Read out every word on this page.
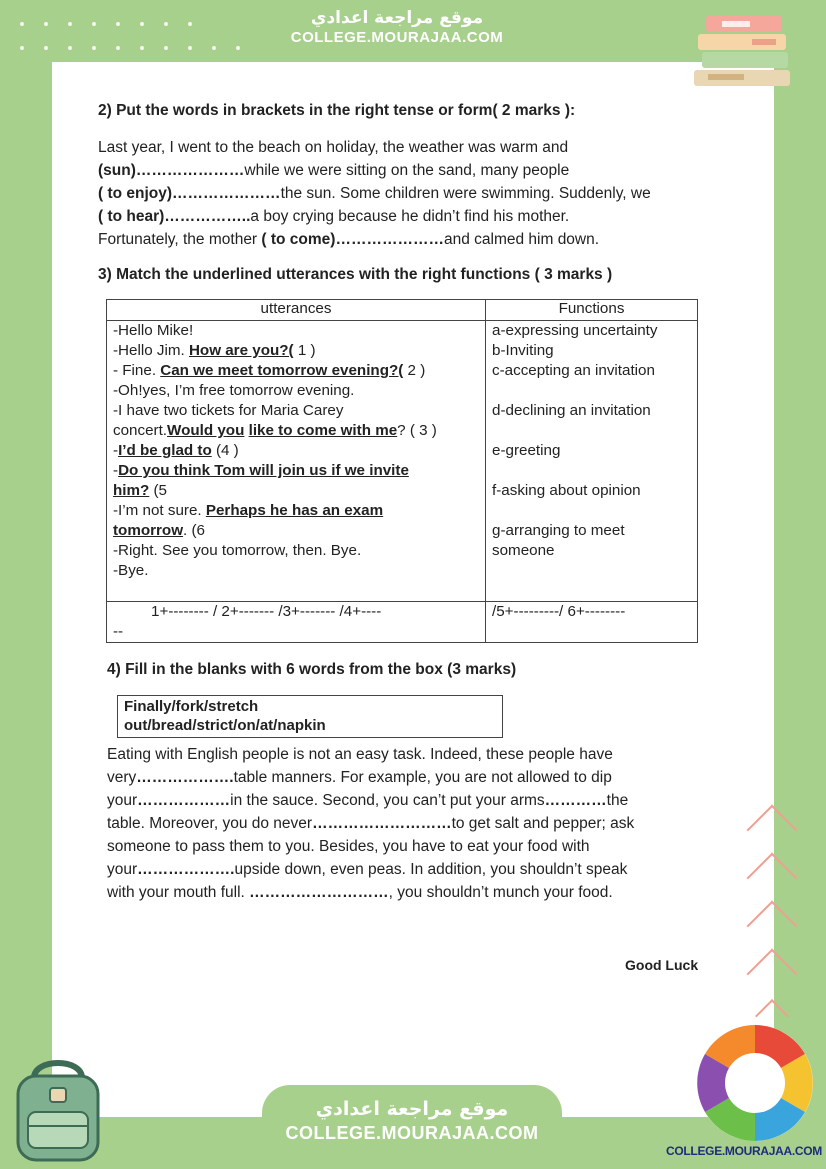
موقع مراجعة اعدادي
COLLEGE.MOURAJAA.COM
2) Put the words in brackets in the right tense or form( 2 marks ):
Last year, I went to the beach on holiday, the weather was warm and
(sun)…………………while we were sitting on the sand, many people
( to enjoy)…………………the sun. Some children were swimming. Suddenly, we
( to hear)……………..a boy crying because he didn’t find his mother.
Fortunately, the mother ( to come)…………………and calmed him down.
3) Match the underlined utterances with the right functions ( 3 marks )
utterances	Functions

-Hello Mike!
-Hello Jim. How are you?( 1 )
- Fine. Can we meet tomorrow evening?( 2 )
-Oh!yes, I’m free tomorrow evening.
-I have two tickets for Maria Carey
concert.Would you like to come with me? ( 3 )
-I’d be glad to (4 )
-Do you think Tom will join us if we invite
him? (5
-I’m not sure. Perhaps he has an exam
tomorrow. (6
-Right. See you tomorrow, then. Bye.
-Bye.

a-expressing uncertainty
b-Inviting
c-accepting an invitation
d-declining an invitation
e-greeting
f-asking about opinion
g-arranging to meet
someone

1+-------- / 2+------- /3+------- /4+----
--

/5+---------/ 6+--------
4) Fill in the blanks with 6 words from the box (3 marks)
Finally/fork/stretch
out/bread/strict/on/at/napkin
Eating with English people is not an easy task. Indeed, these people have
very……………….table manners. For example, you are not allowed to dip
your………………in the sauce. Second, you can’t put your arms…………the
table. Moreover, you do never………………………to get salt and pepper; ask
someone to pass them to you. Besides, you have to eat your food with
your……………….upside down, even peas. In addition, you shouldn’t speak
with your mouth full. ………………………, you shouldn’t munch your food.
Good Luck
موقع مراجعة اعدادي
COLLEGE.MOURAJAA.COM
COLLEGE.MOURAJAA.COM
